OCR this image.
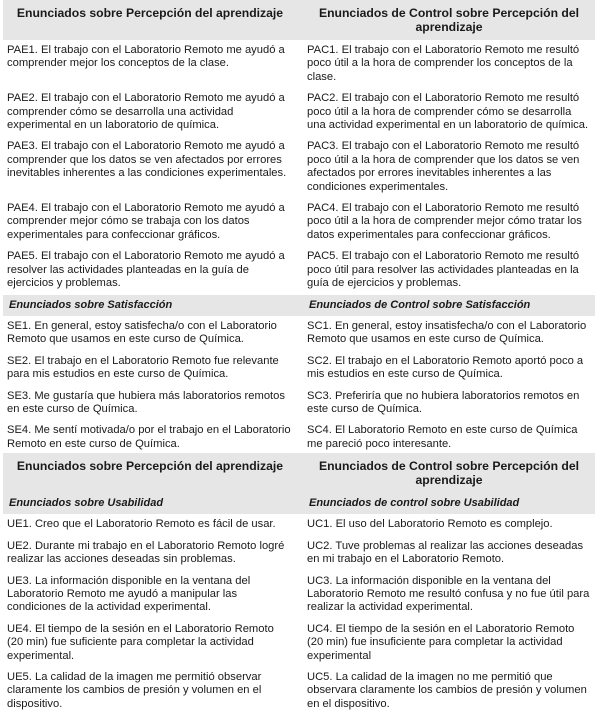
Enunciados sobre Percepción del aprendizaje	Enunciados de Control sobre Percepción del aprendizaje
PAE1. El trabajo con el Laboratorio Remoto me ayudó a comprender mejor los conceptos de la clase.	PAC1. El trabajo con el Laboratorio Remoto me resultó poco útil a la hora de comprender los conceptos de la clase.
PAE2. El trabajo con el Laboratorio Remoto me ayudó a comprender cómo se desarrolla una actividad experimental en un laboratorio de química.	PAC2. El trabajo con el Laboratorio Remoto me resultó poco útil a la hora de comprender cómo se desarrolla una actividad experimental en un laboratorio de química.
PAE3. El trabajo con el Laboratorio Remoto me ayudó a comprender que los datos se ven afectados por errores inevitables inherentes a las condiciones experimentales.	PAC3. El trabajo con el Laboratorio Remoto me resultó poco útil a la hora de comprender que los datos se ven afectados por errores inevitables inherentes a las condiciones experimentales.
PAE4. El trabajo con el Laboratorio Remoto me ayudó a comprender mejor cómo se trabaja con los datos experimentales para confeccionar gráficos.	PAC4. El trabajo con el Laboratorio Remoto me resultó poco útil a la hora de comprender mejor cómo tratar los datos experimentales para confeccionar gráficos.
PAE5. El trabajo con el Laboratorio Remoto me ayudó a resolver las actividades planteadas en la guía de ejercicios y problemas.	PAC5. El trabajo con el Laboratorio Remoto me resultó poco útil para resolver las actividades planteadas en la guía de ejercicios y problemas.
Enunciados sobre Satisfacción	Enunciados de Control sobre Satisfacción
SE1. En general, estoy satisfecha/o con el Laboratorio Remoto que usamos en este curso de Química.	SC1. En general, estoy insatisfecha/o con el Laboratorio Remoto que usamos en este curso de Química.
SE2. El trabajo en el Laboratorio Remoto fue relevante para mis estudios en este curso de Química.	SC2. El trabajo en el Laboratorio Remoto aportó poco a mis estudios en este curso de Química.
SE3. Me gustaría que hubiera más laboratorios remotos en este curso de Química.	SC3. Preferiría que no hubiera laboratorios remotos en este curso de Química.
SE4. Me sentí motivada/o por el trabajo en el Laboratorio Remoto en este curso de Química.	SC4. El Laboratorio Remoto en este curso de Química me pareció poco interesante.
Enunciados sobre Percepción del aprendizaje	Enunciados de Control sobre Percepción del aprendizaje
Enunciados sobre Usabilidad	Enunciados de control sobre Usabilidad
UE1. Creo que el Laboratorio Remoto es fácil de usar.	UC1. El uso del Laboratorio Remoto es complejo.
UE2. Durante mi trabajo en el Laboratorio Remoto logré realizar las acciones deseadas sin problemas.	UC2. Tuve problemas al realizar las acciones deseadas en mi trabajo en el Laboratorio Remoto.
UE3. La información disponible en la ventana del Laboratorio Remoto me ayudó a manipular las condiciones de la actividad experimental.	UC3. La información disponible en la ventana del Laboratorio Remoto me resultó confusa y no fue útil para realizar la actividad experimental.
UE4. El tiempo de la sesión en el Laboratorio Remoto (20 min) fue suficiente para completar la actividad experimental.	UC4. El tiempo de la sesión en el Laboratorio Remoto (20 min) fue insuficiente para completar la actividad experimental
UE5. La calidad de la imagen me permitió observar claramente los cambios de presión y volumen en el dispositivo.	UC5. La calidad de la imagen no me permitió que observara claramente los cambios de presión y volumen en el dispositivo.
